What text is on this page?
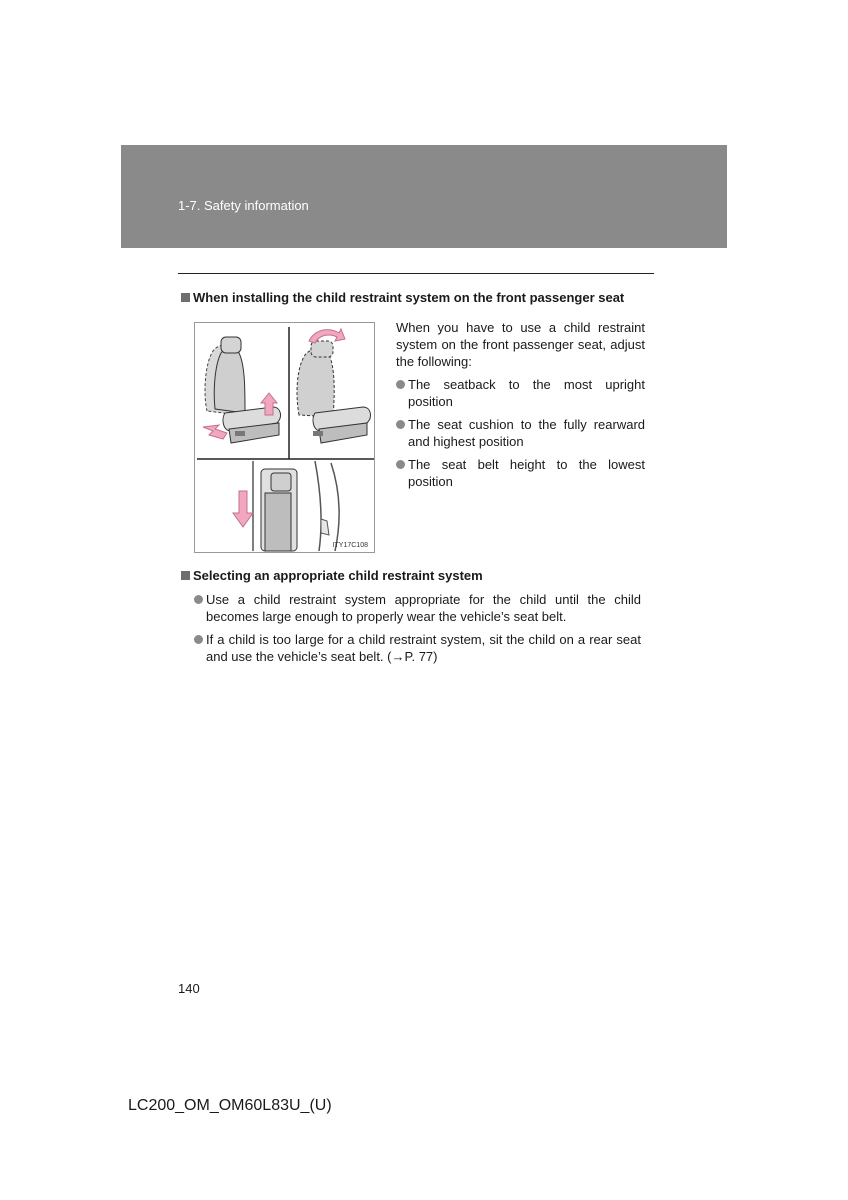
1-7. Safety information
When installing the child restraint system on the front passenger seat
ITY17C108
When you have to use a child restraint system on the front passenger seat, adjust the following:
The seatback to the most upright position
The seat cushion to the fully rearward and highest position
The seat belt height to the lowest position
Selecting an appropriate child restraint system
Use a child restraint system appropriate for the child until the child becomes large enough to properly wear the vehicle’s seat belt.
If a child is too large for a child restraint system, sit the child on a rear seat and use the vehicle’s seat belt. (→P. 77)
140
LC200_OM_OM60L83U_(U)
